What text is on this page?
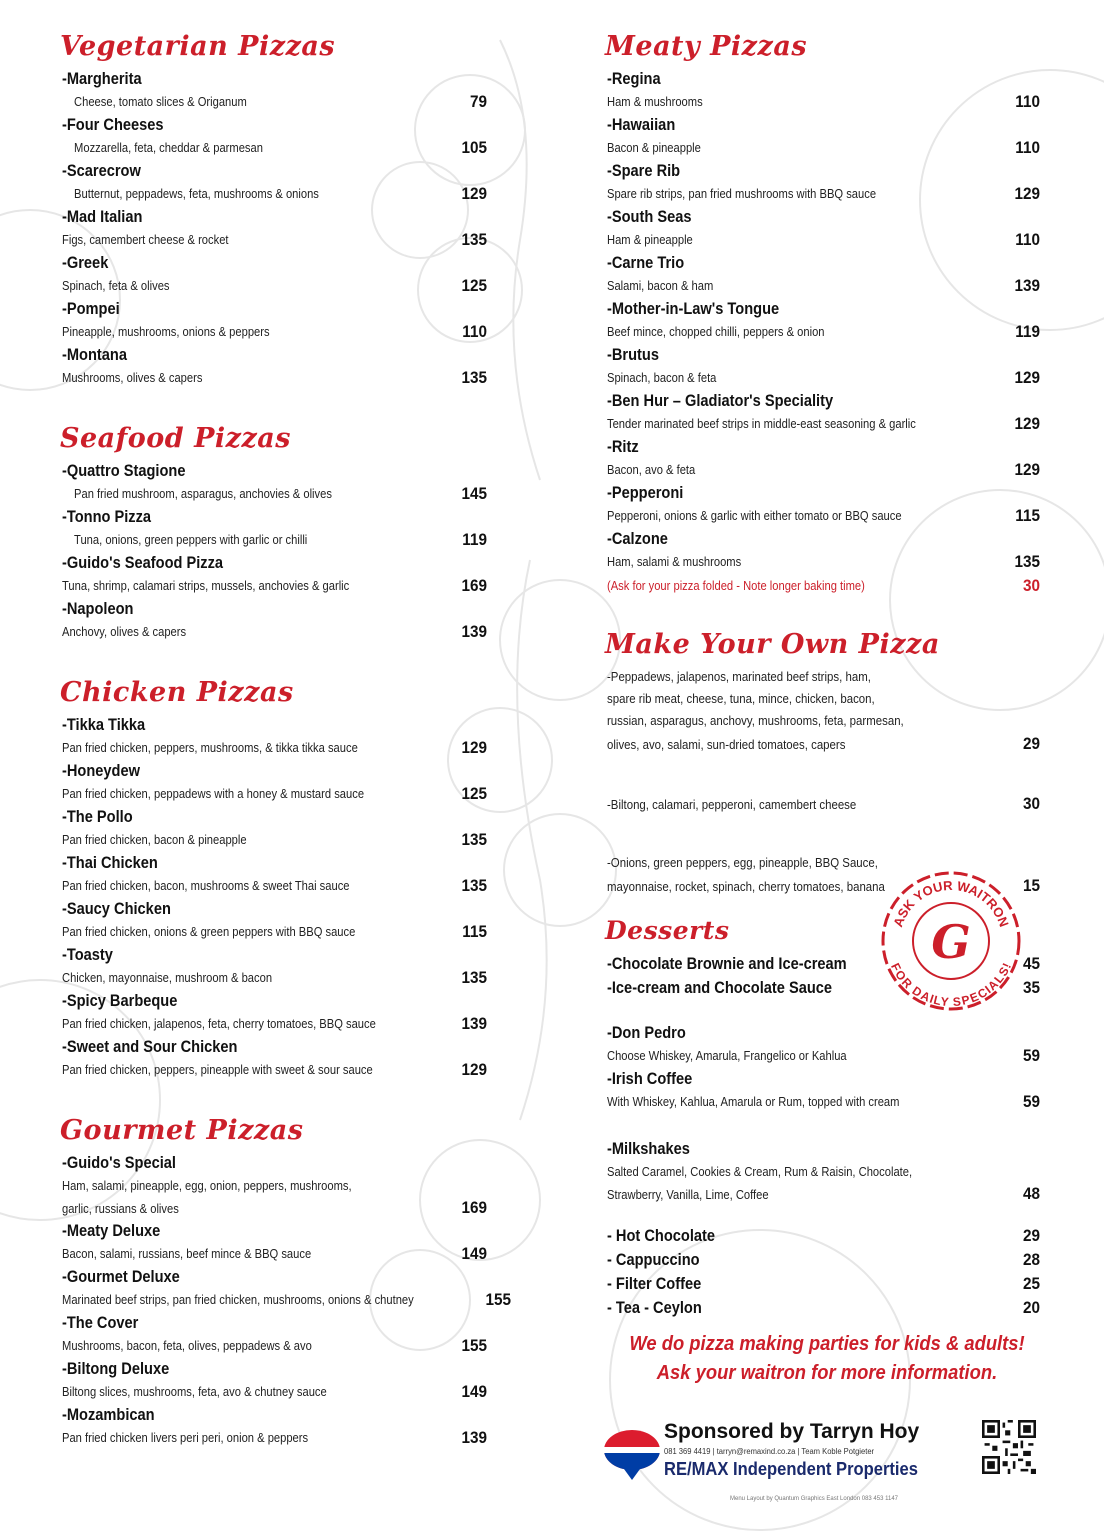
Vegetarian Pizzas
-Margherita
Cheese, tomato slices & Origanum	79
-Four Cheeses
Mozzarella, feta, cheddar & parmesan	105
-Scarecrow
Butternut, peppadews, feta, mushrooms & onions	129
-Mad Italian
Figs, camembert cheese & rocket	135
-Greek
Spinach, feta & olives	125
-Pompei
Pineapple, mushrooms, onions & peppers	110
-Montana
Mushrooms, olives & capers	135
Seafood Pizzas
-Quattro Stagione
Pan fried mushroom, asparagus, anchovies & olives	145
-Tonno Pizza
Tuna, onions, green peppers with garlic or chilli	119
-Guido's Seafood Pizza
Tuna, shrimp, calamari strips, mussels, anchovies & garlic	169
-Napoleon
Anchovy, olives & capers	139
Chicken Pizzas
-Tikka Tikka
Pan fried chicken, peppers, mushrooms, & tikka tikka sauce	129
-Honeydew
Pan fried chicken, peppadews with a honey & mustard sauce	125
-The Pollo
Pan fried chicken, bacon & pineapple	135
-Thai Chicken
Pan fried chicken, bacon, mushrooms & sweet Thai sauce	135
-Saucy Chicken
Pan fried chicken, onions & green peppers with BBQ sauce	115
-Toasty
Chicken, mayonnaise, mushroom & bacon	135
-Spicy Barbeque
Pan fried chicken, jalapenos, feta, cherry tomatoes, BBQ sauce	139
-Sweet and Sour Chicken
Pan fried chicken, peppers, pineapple with sweet & sour sauce	129
Gourmet Pizzas
-Guido's Special
Ham, salami, pineapple, egg, onion, peppers, mushrooms, garlic, russians & olives	169
-Meaty Deluxe
Bacon, salami, russians, beef mince & BBQ sauce	149
-Gourmet Deluxe
Marinated beef strips, pan fried chicken, mushrooms, onions & chutney	155
-The Cover
Mushrooms, bacon, feta, olives, peppadews & avo	155
-Biltong Deluxe
Biltong slices, mushrooms, feta, avo & chutney sauce	149
-Mozambican
Pan fried chicken livers peri peri, onion & peppers	139
Meaty Pizzas
-Regina
Ham & mushrooms	110
-Hawaiian
Bacon & pineapple	110
-Spare Rib
Spare rib strips, pan fried mushrooms with BBQ sauce	129
-South Seas
Ham & pineapple	110
-Carne Trio
Salami, bacon & ham	139
-Mother-in-Law's Tongue
Beef mince, chopped chilli, peppers & onion	119
-Brutus
Spinach, bacon & feta	129
-Ben Hur – Gladiator's Speciality
Tender marinated beef strips in middle-east seasoning & garlic	129
-Ritz
Bacon, avo & feta	129
-Pepperoni
Pepperoni, onions & garlic with either tomato or BBQ sauce	115
-Calzone
Ham, salami & mushrooms	135
(Ask for your pizza folded - Note longer baking time)	30
Make Your Own Pizza
-Peppadews, jalapenos, marinated beef strips, ham,
spare rib meat, cheese, tuna, mince, chicken, bacon,
russian, asparagus, anchovy, mushrooms, feta, parmesan,
olives, avo, salami, sun-dried tomatoes, capers	29
-Biltong, calamari, pepperoni, camembert cheese	30
-Onions, green peppers, egg, pineapple, BBQ Sauce,
mayonnaise, rocket, spinach, cherry tomatoes, banana	15
Desserts
-Chocolate Brownie and Ice-cream	45
-Ice-cream and Chocolate Sauce	35
-Don Pedro
Choose Whiskey, Amarula, Frangelico or Kahlua	59
-Irish Coffee
With Whiskey, Kahlua, Amarula or Rum, topped with cream	59
-Milkshakes
Salted Caramel, Cookies & Cream, Rum & Raisin, Chocolate, Strawberry, Vanilla, Lime, Coffee	48
- Hot Chocolate	29
- Cappuccino	28
- Filter Coffee	25
- Tea - Ceylon	20
We do pizza making parties for kids & adults!
Ask your waitron for more information.
ASK YOUR WAITRON
FOR DAILY SPECIALS!
G
Sponsored by Tarryn Hoy
081 369 4419 | tarryn@remaxind.co.za | Team Koble Potgieter
RE/MAX Independent Properties
Menu Layout by Quantum Graphics East London 083 453 1147
